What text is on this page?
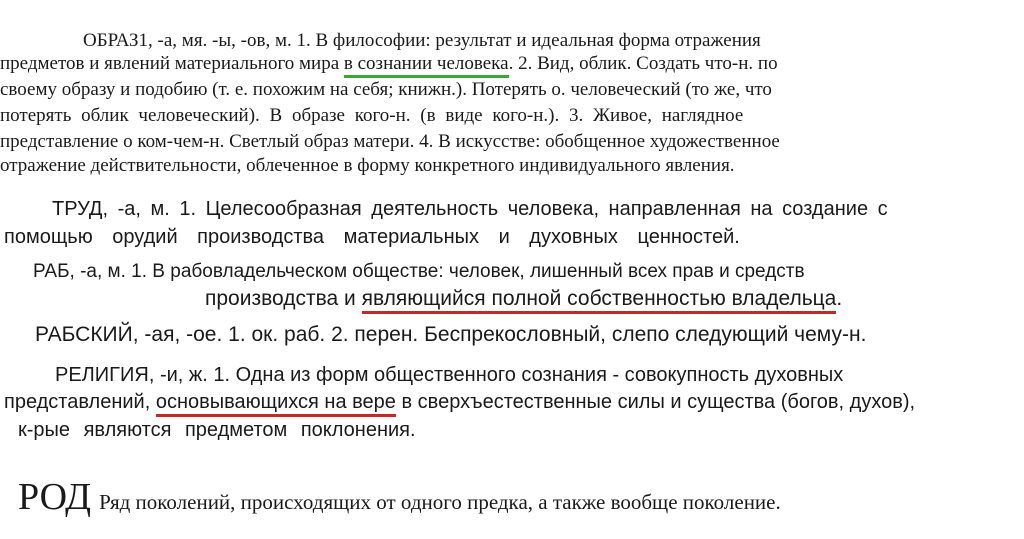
ОБРАЗ1, -а, мя. -ы, -ов, м. 1. В философии: результат и идеальная форма отражения
предметов и явлений материального мира в сознании человека. 2. Вид, облик. Создать что-н. по
своему образу и подобию (т. е. похожим на себя; книжн.). Потерять о. человеческий (то же, что
потерять облик человеческий). В образе кого-н. (в виде кого-н.). 3. Живое, наглядное
представление о ком-чем-н. Светлый образ матери. 4. В искусстве: обобщенное художественное
отражение действительности, облеченное в форму конкретного индивидуального явления.
ТРУД, -а, м. 1. Целесообразная деятельность человека, направленная на создание с
помощью орудий производства материальных и духовных ценностей.
РАБ, -а, м. 1. В рабовладельческом обществе: человек, лишенный всех прав и средств
производства и являющийся полной собственностью владельца.
РАБСКИЙ, -ая, -ое. 1. ок. раб. 2. перен. Беспрекословный, слепо следующий чему-н.
РЕЛИГИЯ, -и, ж. 1. Одна из форм общественного сознания - совокупность духовных
представлений, основывающихся на вере в сверхъестественные силы и существа (богов, духов),
к-рые являются предметом поклонения.
РОД Ряд поколений, происходящих от одного предка, а также вообще поколение.
